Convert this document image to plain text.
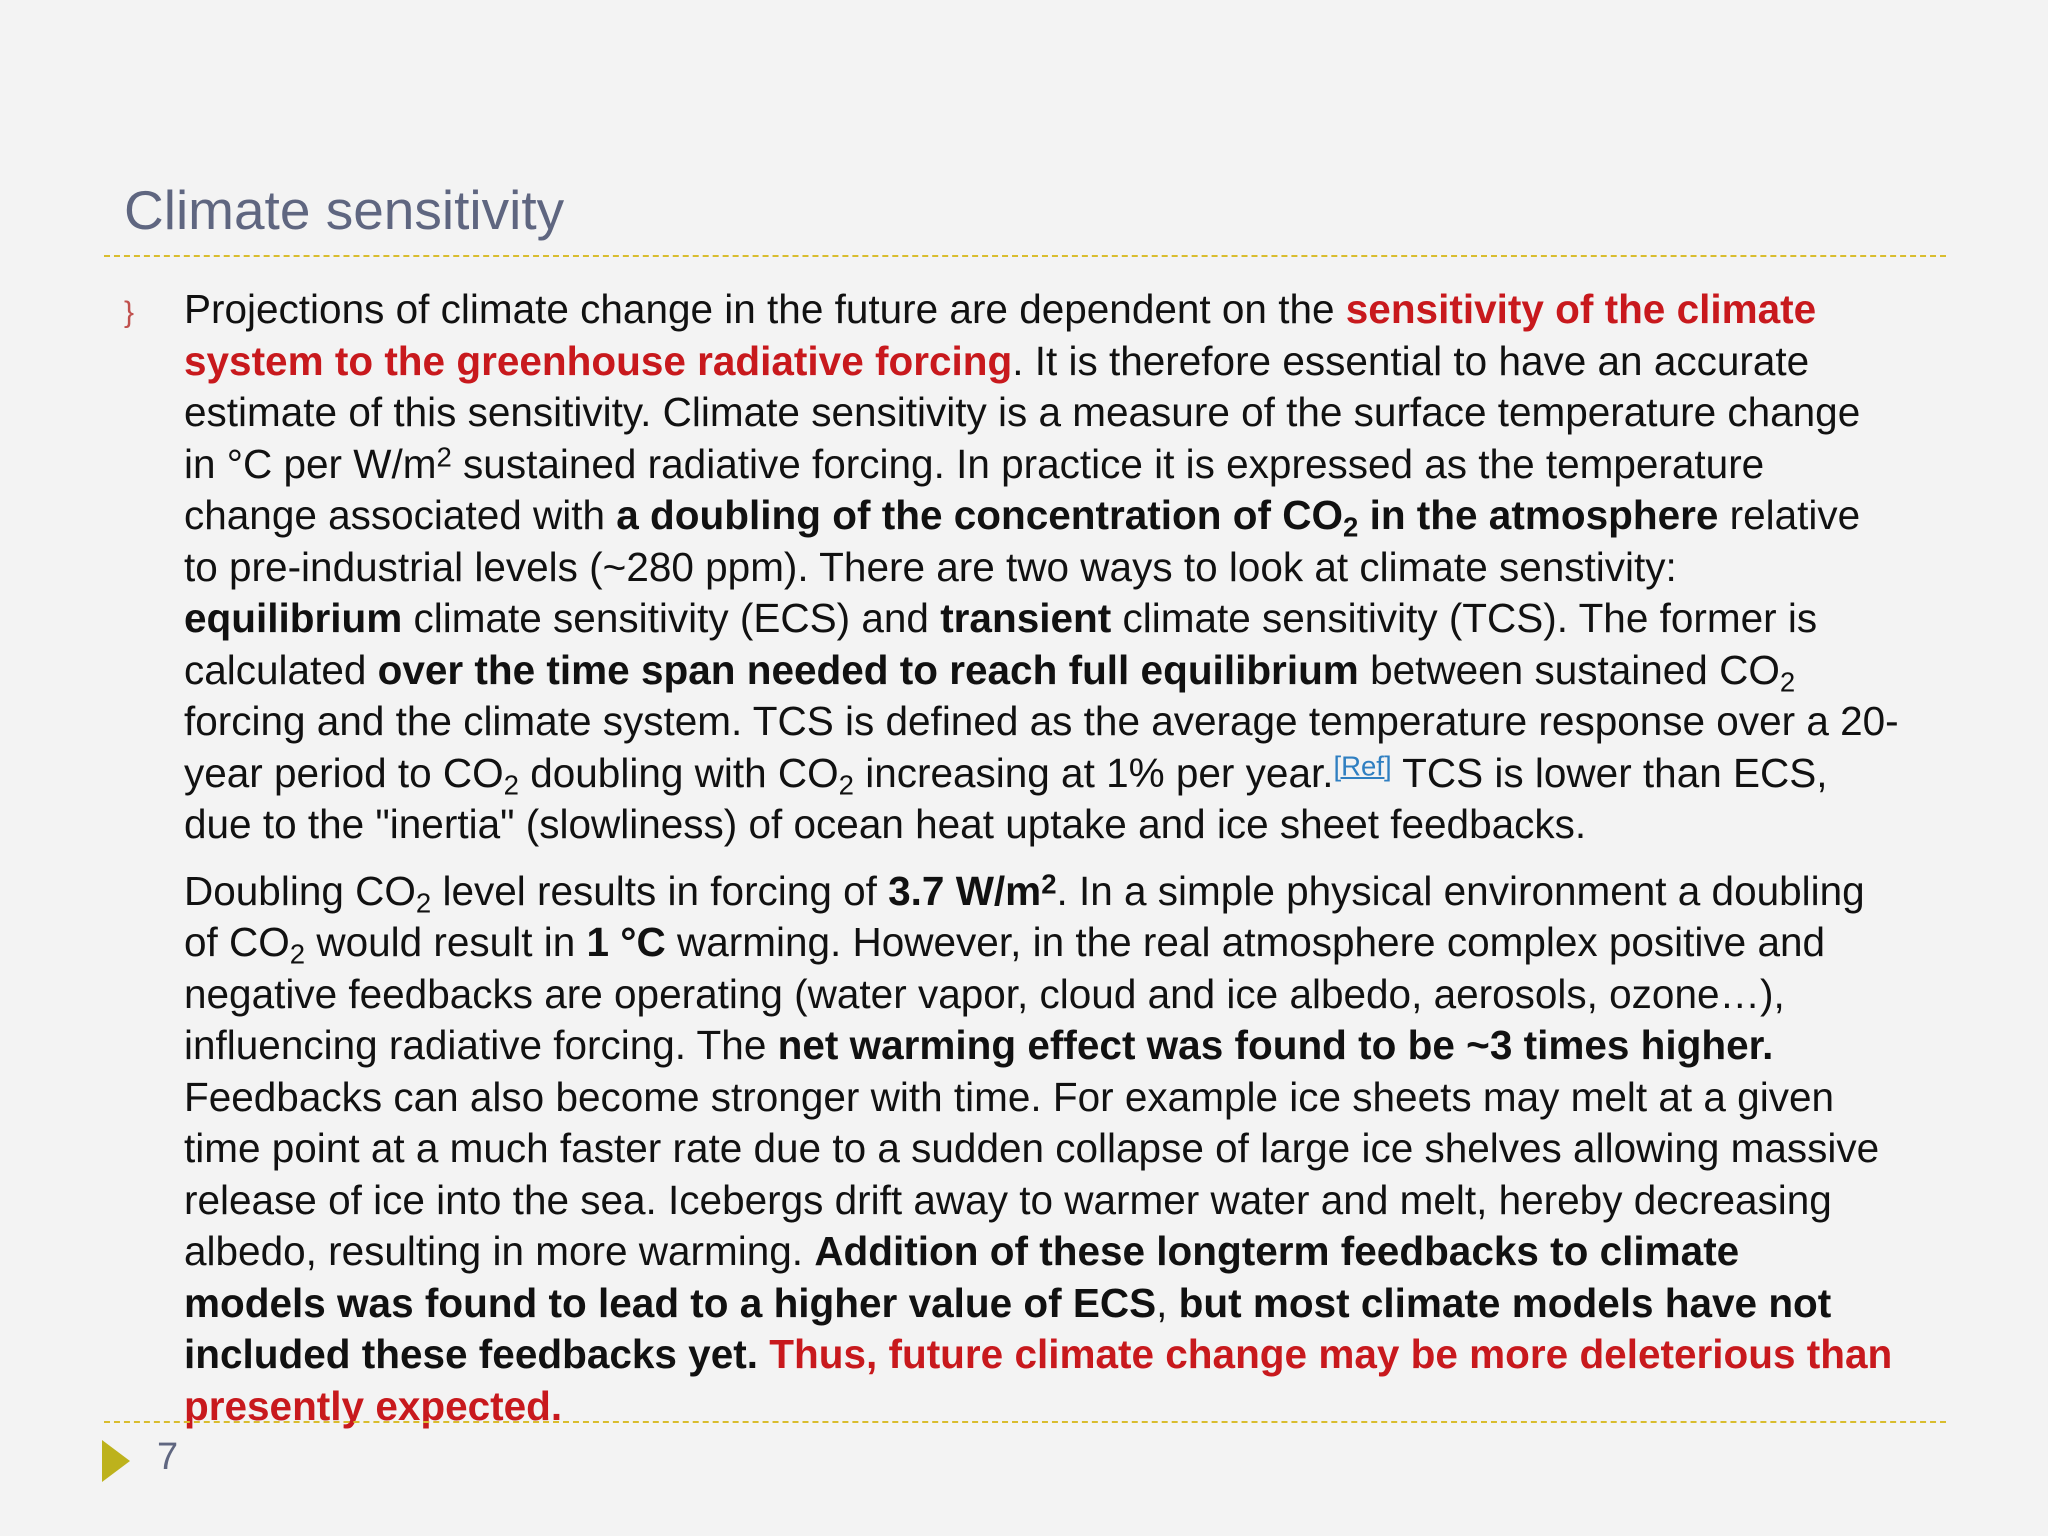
Climate sensitivity
} Projections of climate change in the future are dependent on the sensitivity of the climate
system to the greenhouse radiative forcing. It is therefore essential to have an accurate
estimate of this sensitivity. Climate sensitivity is a measure of the surface temperature change
in °C per $W/m^2$ sustained radiative forcing. In practice it is expressed as the temperature
change associated with a doubling of the concentration of $CO_2$ in the atmosphere relative
to pre-industrial levels (~280 ppm). There are two ways to look at climate senstivity:
equilibrium climate sensitivity (ECS) and transient climate sensitivity (TCS). The former is
calculated over the time span needed to reach full equilibrium between sustained $CO_2$
forcing and the climate system. TCS is defined as the average temperature response over a 20-
year period to $CO_2$ doubling with $CO_2$ increasing at 1% per year.[Ref] TCS is lower than ECS,
due to the "inertia" (slowliness) of ocean heat uptake and ice sheet feedbacks.
Doubling $CO_2$ level results in forcing of 3.7 $W/m^2$. In a simple physical environment a doubling
of $CO_2$ would result in 1 °C warming. However, in the real atmosphere complex positive and
negative feedbacks are operating (water vapor, cloud and ice albedo, aerosols, ozone…),
influencing radiative forcing. The net warming effect was found to be ~3 times higher.
Feedbacks can also become stronger with time. For example ice sheets may melt at a given
time point at a much faster rate due to a sudden collapse of large ice shelves allowing massive
release of ice into the sea. Icebergs drift away to warmer water and melt, hereby decreasing
albedo, resulting in more warming. Addition of these longterm feedbacks to climate
models was found to lead to a higher value of ECS, but most climate models have not
included these feedbacks yet. Thus, future climate change may be more deleterious than
presently expected.
7
